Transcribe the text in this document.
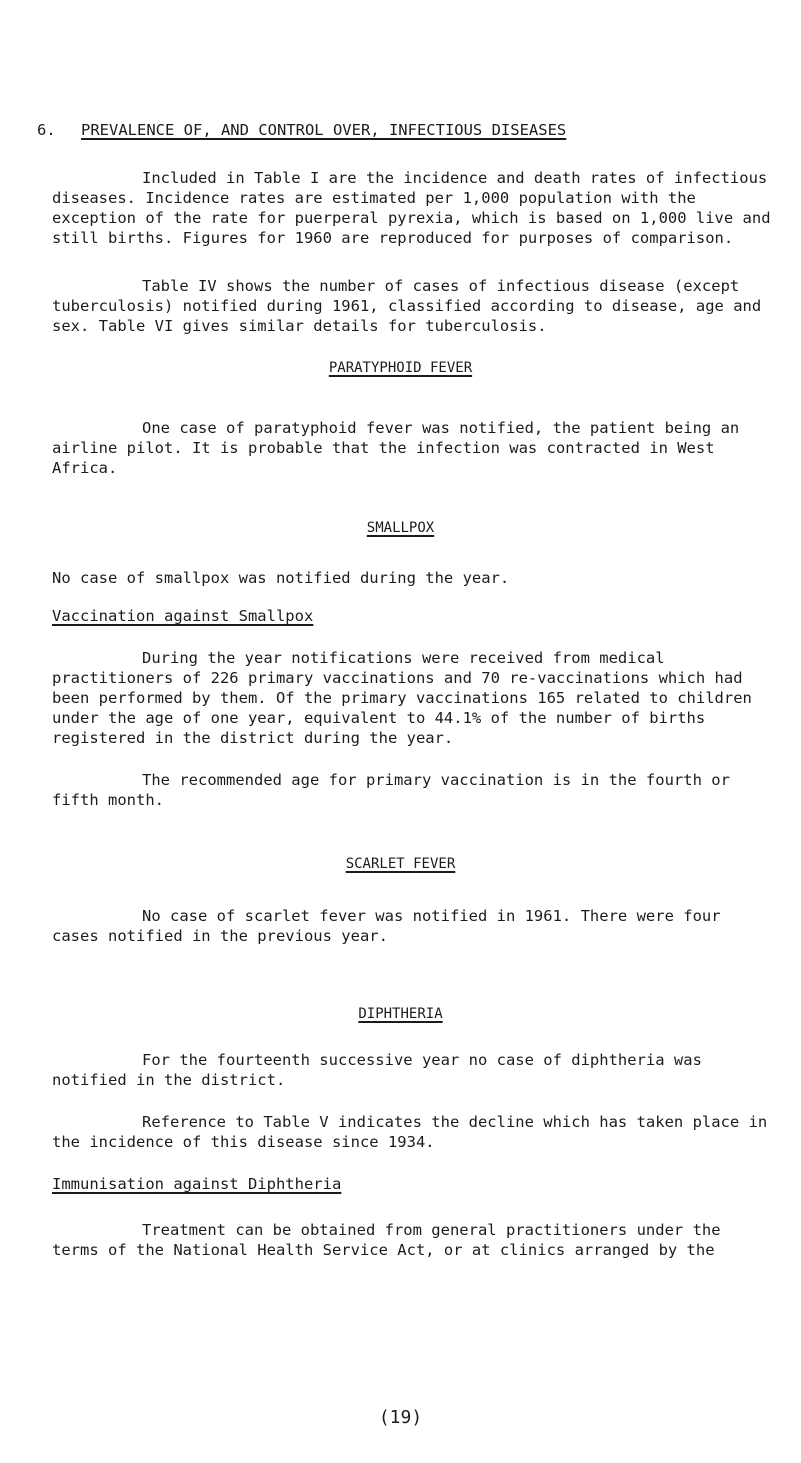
6. PREVALENCE OF, AND CONTROL OVER, INFECTIOUS DISEASES

Included in Table I are the incidence and death rates of infectious diseases. Incidence rates are estimated per 1,000 population with the exception of the rate for puerperal pyrexia, which is based on 1,000 live and still births. Figures for 1960 are reproduced for purposes of comparison.

Table IV shows the number of cases of infectious disease (except tuberculosis) notified during 1961, classified according to disease, age and sex. Table VI gives similar details for tuberculosis.

PARATYPHOID FEVER

One case of paratyphoid fever was notified, the patient being an airline pilot. It is probable that the infection was contracted in West Africa.

SMALLPOX

No case of smallpox was notified during the year.

Vaccination against Smallpox

During the year notifications were received from medical practitioners of 226 primary vaccinations and 70 re-vaccinations which had been performed by them. Of the primary vaccinations 165 related to children under the age of one year, equivalent to 44.1% of the number of births registered in the district during the year.

The recommended age for primary vaccination is in the fourth or fifth month.

SCARLET FEVER

No case of scarlet fever was notified in 1961. There were four cases notified in the previous year.

DIPHTHERIA

For the fourteenth successive year no case of diphtheria was notified in the district.

Reference to Table V indicates the decline which has taken place in the incidence of this disease since 1934.

Immunisation against Diphtheria

Treatment can be obtained from general practitioners under the terms of the National Health Service Act, or at clinics arranged by the

(19)
